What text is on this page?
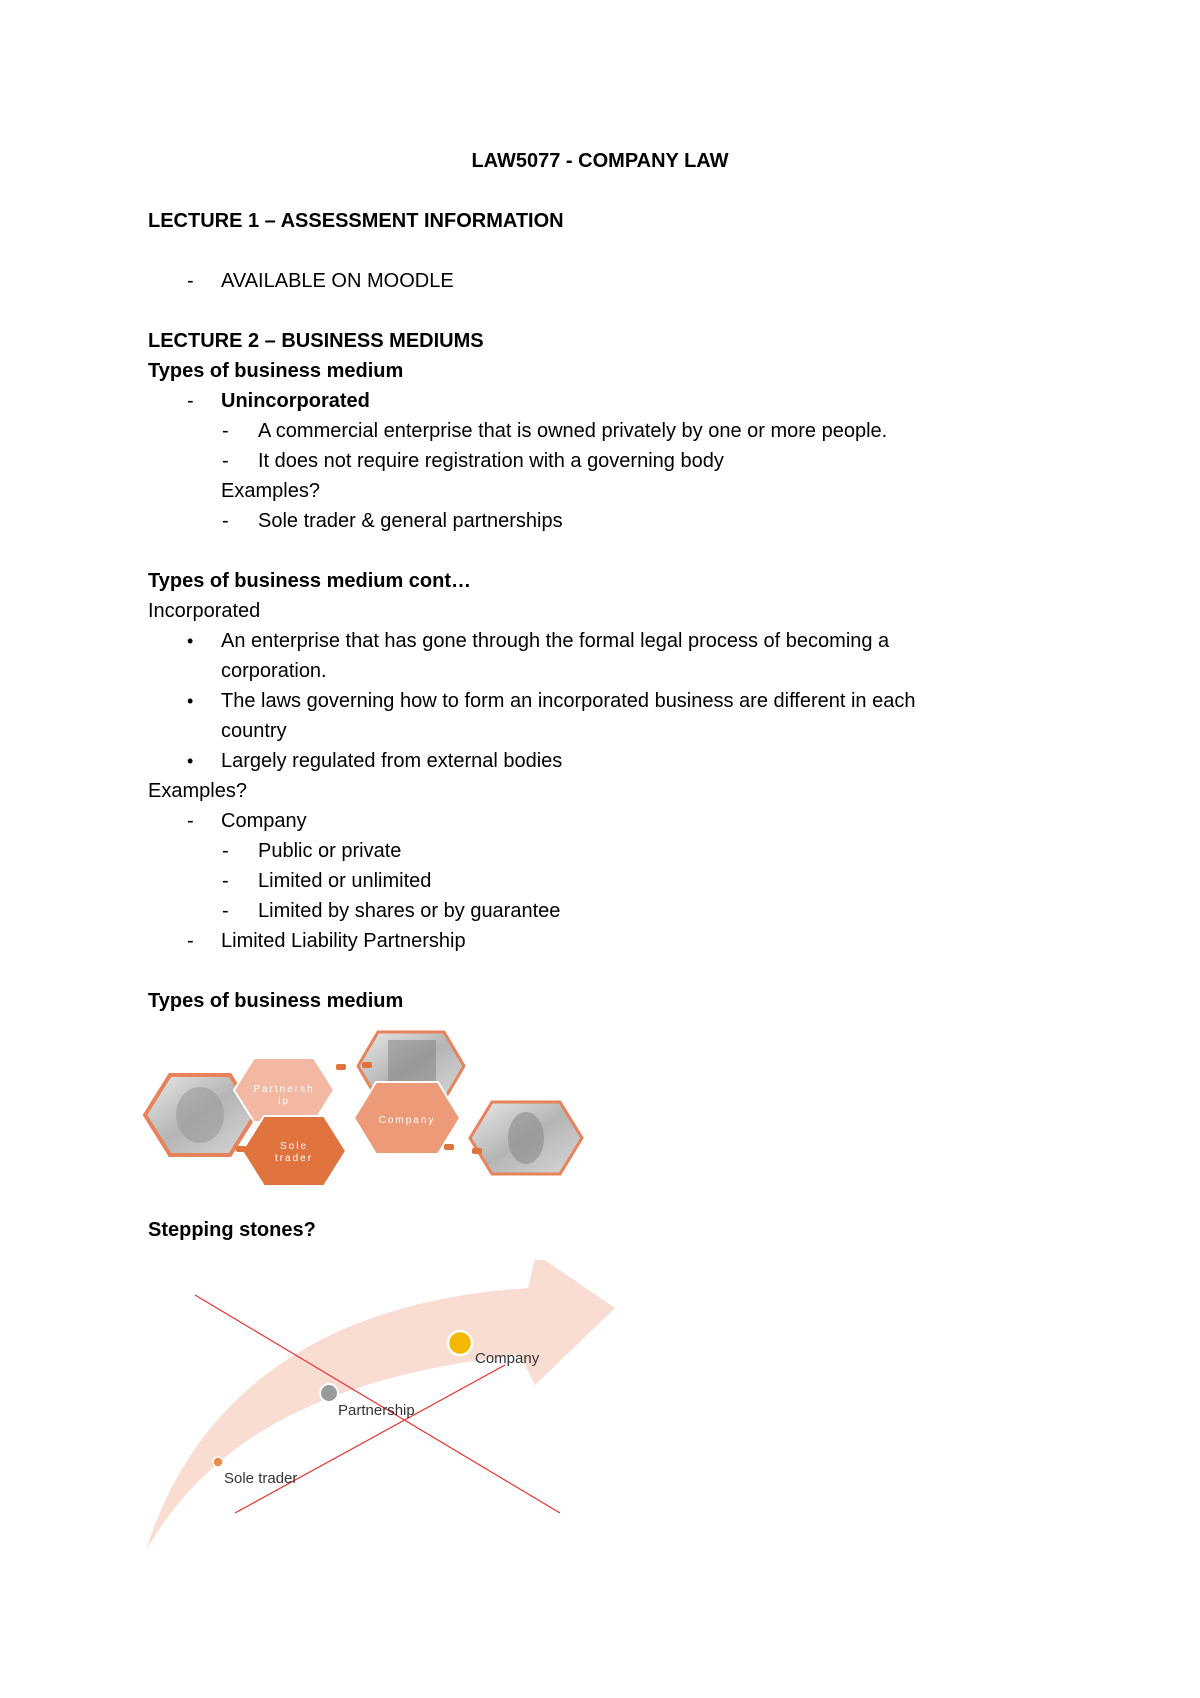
LAW5077 - COMPANY LAW
LECTURE 1 – ASSESSMENT INFORMATION
- AVAILABLE ON MOODLE
LECTURE 2 – BUSINESS MEDIUMS
Types of business medium
- Unincorporated
- A commercial enterprise that is owned privately by one or more people.
- It does not require registration with a governing body
Examples?
- Sole trader & general partnerships
Types of business medium cont…
Incorporated
• An enterprise that has gone through the formal legal process of becoming a
corporation.
• The laws governing how to form an incorporated business are different in each
country
• Largely regulated from external bodies
Examples?
- Company
- Public or private
- Limited or unlimited
- Limited by shares or by guarantee
- Limited Liability Partnership
Types of business medium
Partnersh
ip
Company
Sole
trader
Stepping stones?
Sole trader
Partnership
Company
